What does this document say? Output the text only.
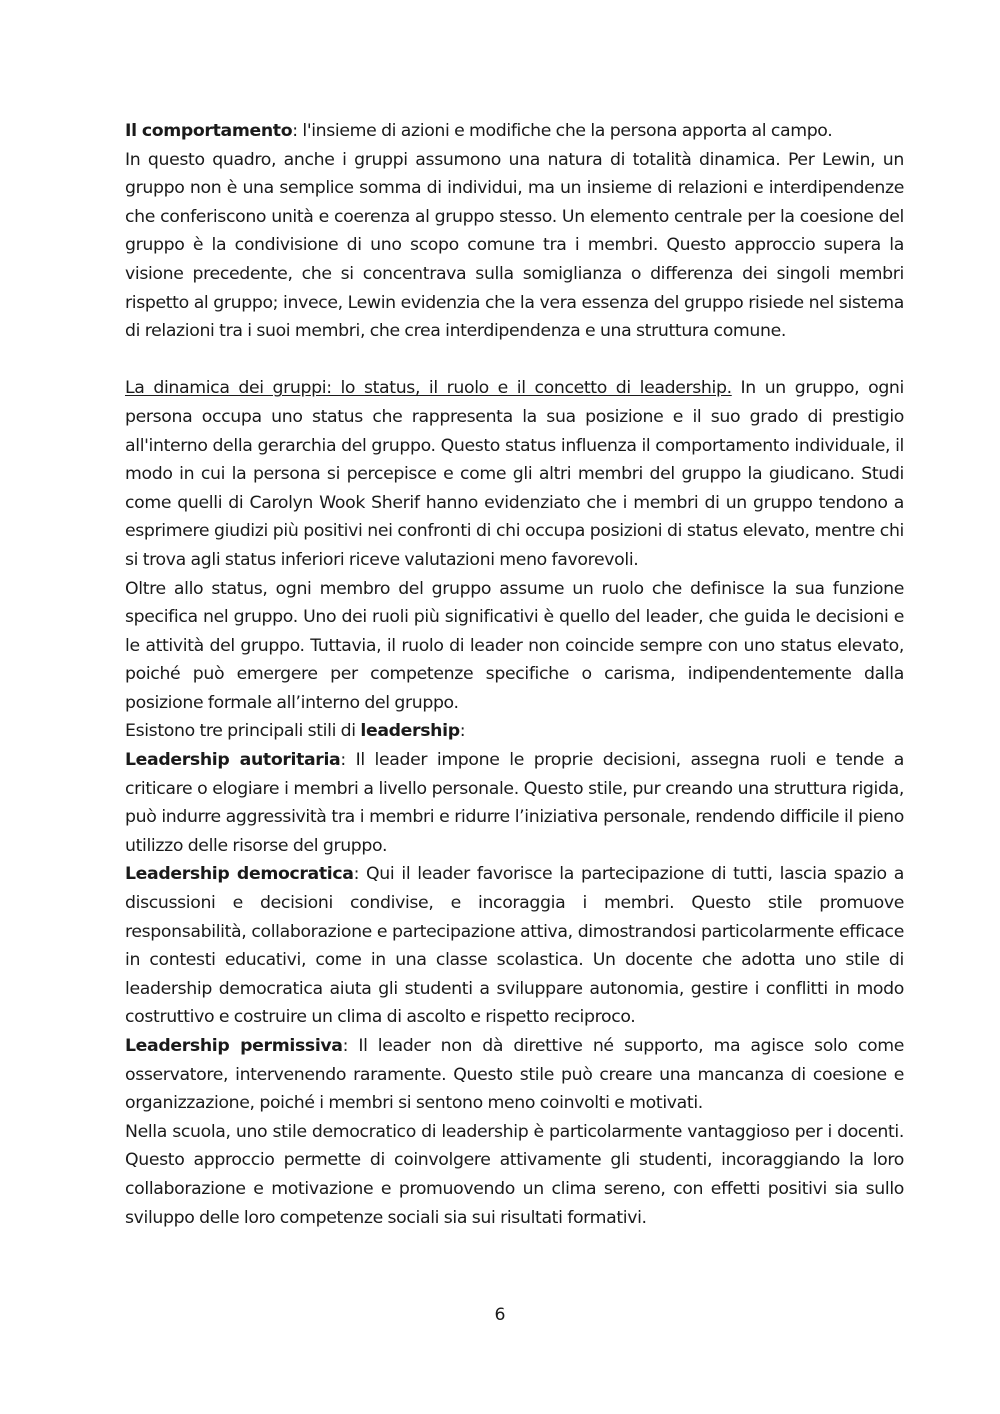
Il comportamento: l'insieme di azioni e modifiche che la persona apporta al campo.

In questo quadro, anche i gruppi assumono una natura di totalità dinamica. Per Lewin, un gruppo non è una semplice somma di individui, ma un insieme di relazioni e interdipendenze che conferiscono unità e coerenza al gruppo stesso. Un elemento centrale per la coesione del gruppo è la condivisione di uno scopo comune tra i membri. Questo approccio supera la visione precedente, che si concentrava sulla somiglianza o differenza dei singoli membri rispetto al gruppo; invece, Lewin evidenzia che la vera essenza del gruppo risiede nel sistema di relazioni tra i suoi membri, che crea interdipendenza e una struttura comune.

La dinamica dei gruppi: lo status, il ruolo e il concetto di leadership. In un gruppo, ogni persona occupa uno status che rappresenta la sua posizione e il suo grado di prestigio all'interno della gerarchia del gruppo. Questo status influenza il comportamento individuale, il modo in cui la persona si percepisce e come gli altri membri del gruppo la giudicano. Studi come quelli di Carolyn Wook Sherif hanno evidenziato che i membri di un gruppo tendono a esprimere giudizi più positivi nei confronti di chi occupa posizioni di status elevato, mentre chi si trova agli status inferiori riceve valutazioni meno favorevoli.

Oltre allo status, ogni membro del gruppo assume un ruolo che definisce la sua funzione specifica nel gruppo. Uno dei ruoli più significativi è quello del leader, che guida le decisioni e le attività del gruppo. Tuttavia, il ruolo di leader non coincide sempre con uno status elevato, poiché può emergere per competenze specifiche o carisma, indipendentemente dalla posizione formale all’interno del gruppo.

Esistono tre principali stili di leadership:

Leadership autoritaria: Il leader impone le proprie decisioni, assegna ruoli e tende a criticare o elogiare i membri a livello personale. Questo stile, pur creando una struttura rigida, può indurre aggressività tra i membri e ridurre l’iniziativa personale, rendendo difficile il pieno utilizzo delle risorse del gruppo.

Leadership democratica: Qui il leader favorisce la partecipazione di tutti, lascia spazio a discussioni e decisioni condivise, e incoraggia i membri. Questo stile promuove responsabilità, collaborazione e partecipazione attiva, dimostrandosi particolarmente efficace in contesti educativi, come in una classe scolastica. Un docente che adotta uno stile di leadership democratica aiuta gli studenti a sviluppare autonomia, gestire i conflitti in modo costruttivo e costruire un clima di ascolto e rispetto reciproco.

Leadership permissiva: Il leader non dà direttive né supporto, ma agisce solo come osservatore, intervenendo raramente. Questo stile può creare una mancanza di coesione e organizzazione, poiché i membri si sentono meno coinvolti e motivati.

Nella scuola, uno stile democratico di leadership è particolarmente vantaggioso per i docenti. Questo approccio permette di coinvolgere attivamente gli studenti, incoraggiando la loro collaborazione e motivazione e promuovendo un clima sereno, con effetti positivi sia sullo sviluppo delle loro competenze sociali sia sui risultati formativi.

6
